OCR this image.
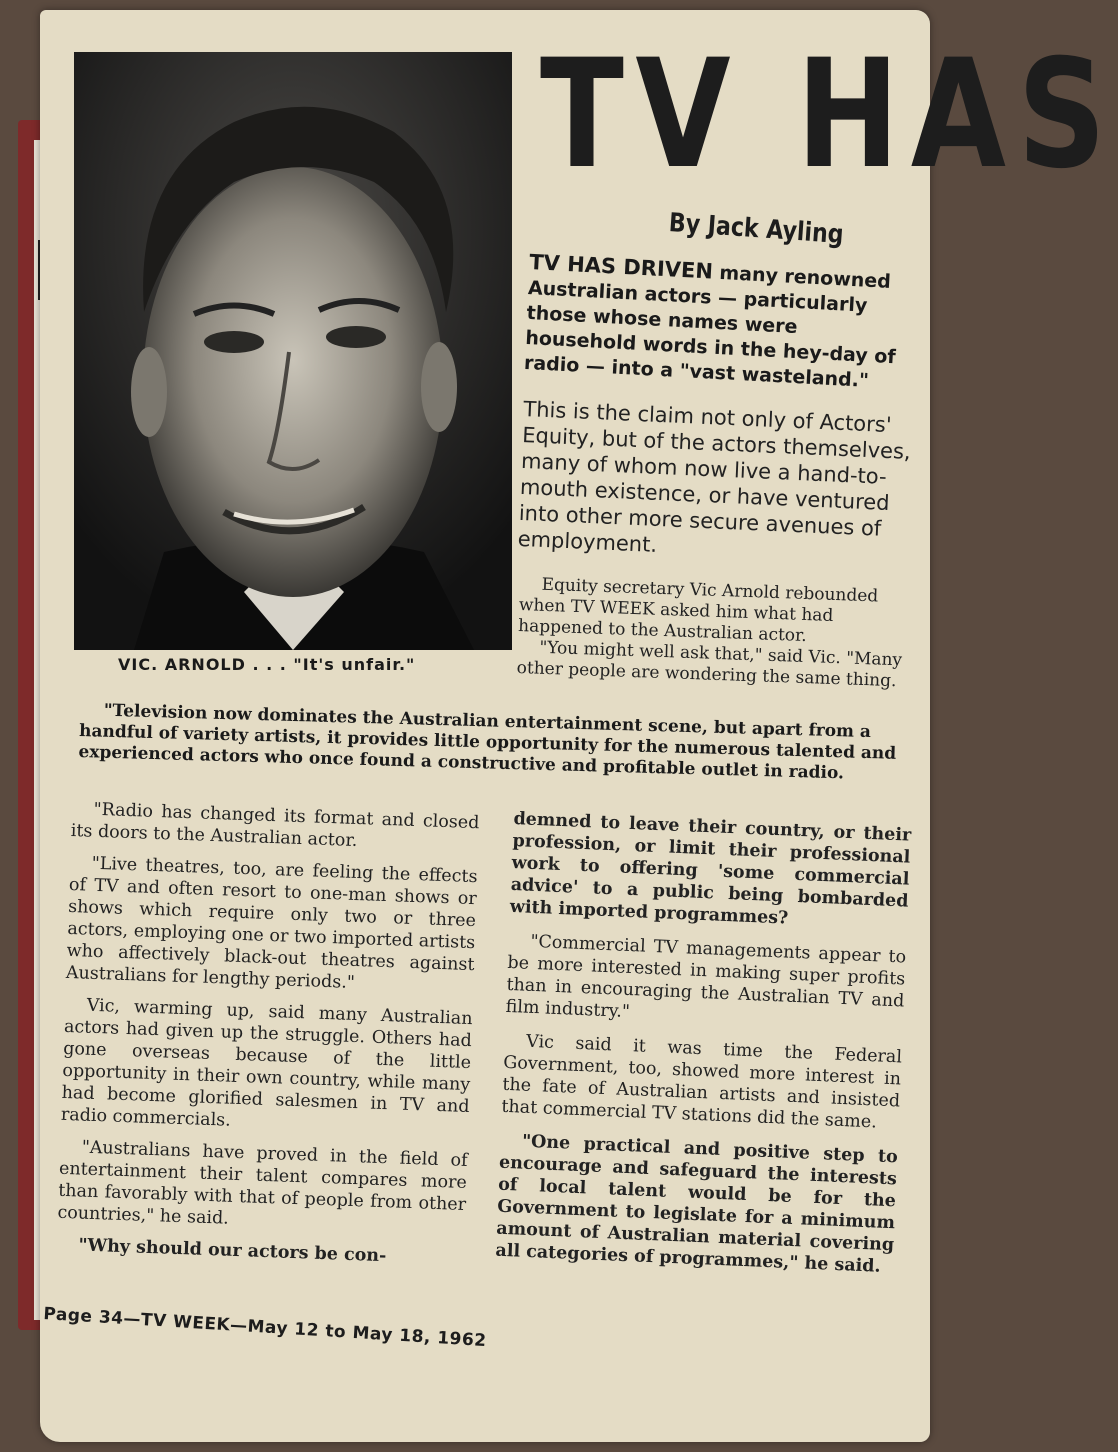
VIC. ARNOLD . . . "It's unfair."
TV HAS
By Jack Ayling

TV HAS DRIVEN many renowned Australian actors — particularly those whose names were household words in the hey-day of radio — into a "vast wasteland."

This is the claim not only of Actors' Equity, but of the actors themselves, many of whom now live a hand-to-mouth existence, or have ventured into other more secure avenues of employment.

Equity secretary Vic Arnold rebounded when TV WEEK asked him what had happened to the Australian actor.

"You might well ask that," said Vic. "Many other people are wondering the same thing.

"Television now dominates the Australian entertainment scene, but apart from a handful of variety artists, it provides little opportunity for the numerous talented and experienced actors who once found a constructive and profitable outlet in radio.

"Radio has changed its format and closed its doors to the Australian actor.

"Live theatres, too, are feeling the effects of TV and often resort to one-man shows or shows which require only two or three actors, employing one or two imported artists who affectively black-out theatres against Australians for lengthy periods."

Vic, warming up, said many Australian actors had given up the struggle. Others had gone overseas because of the little opportunity in their own country, while many had become glorified salesmen in TV and radio commercials.

"Australians have proved in the field of entertainment their talent compares more than favorably with that of people from other countries," he said.

"Why should our actors be con-

demned to leave their country, or their profession, or limit their professional work to offering 'some commercial advice' to a public being bombarded with imported programmes?

"Commercial TV managements appear to be more interested in making super profits than in encouraging the Australian TV and film industry."

Vic said it was time the Federal Government, too, showed more interest in the fate of Australian artists and insisted that commercial TV stations did the same.

"One practical and positive step to encourage and safeguard the interests of local talent would be for the Government to legislate for a minimum amount of Australian material covering all categories of programmes," he said.

Page 34—TV WEEK—May 12 to May 18, 1962
